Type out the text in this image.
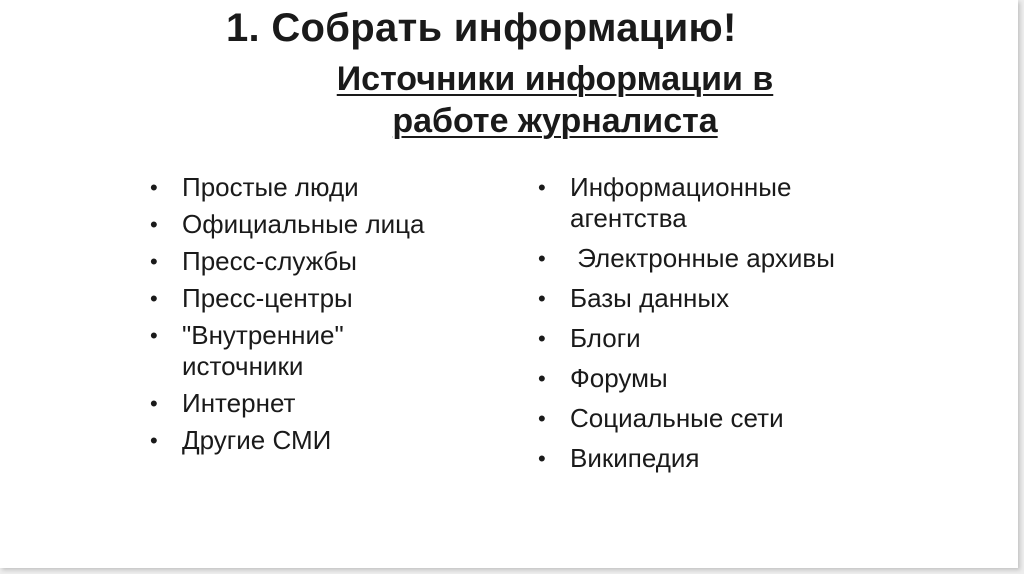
1. Собрать информацию!
Источники информации в работе журналиста
• Простые люди
• Официальные лица
• Пресс-службы
• Пресс-центры
• "Внутренние" источники
• Интернет
• Другие СМИ
• Информационные агентства
• Электронные архивы
• Базы данных
• Блоги
• Форумы
• Социальные сети
• Википедия
